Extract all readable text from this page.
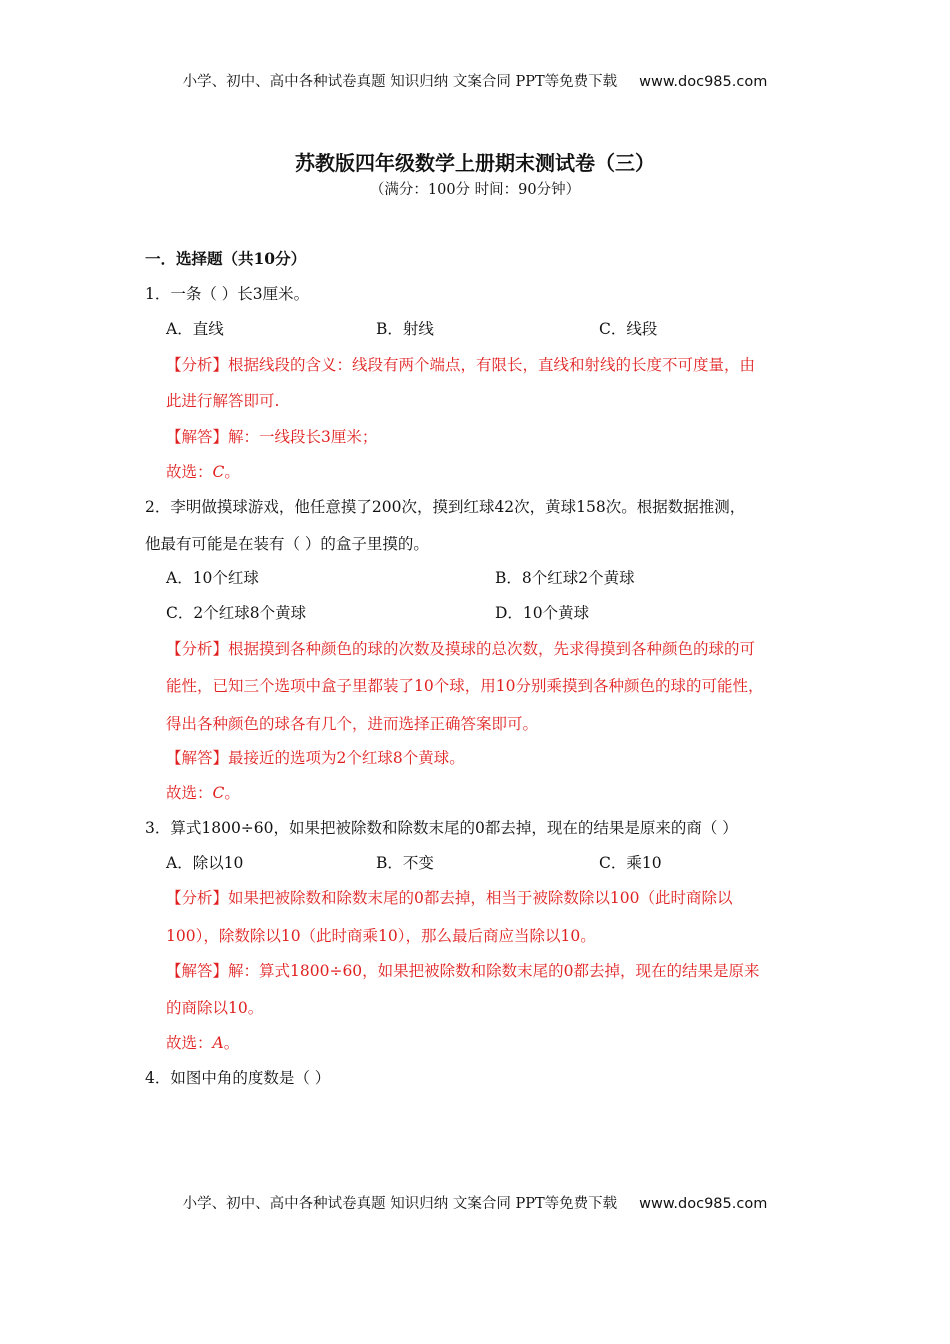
小学、初中、高中各种试卷真题 知识归纳 文案合同 PPT等免费下载 www.doc985.com
苏教版四年级数学上册期末测试卷（三）
（满分：100分 时间：90分钟）
一．选择题（共10分）
1．一条（ ）长3厘米。
A．直线	B．射线	C．线段
【分析】根据线段的含义：线段有两个端点，有限长，直线和射线的长度不可度量，由
此进行解答即可.
【解答】解：一线段长3厘米；
故选：C。
2．李明做摸球游戏，他任意摸了200次，摸到红球42次，黄球158次。根据数据推测，
他最有可能是在装有（ ）的盒子里摸的。
A．10个红球	B．8个红球2个黄球
C．2个红球8个黄球	D．10个黄球
【分析】根据摸到各种颜色的球的次数及摸球的总次数，先求得摸到各种颜色的球的可
能性，已知三个选项中盒子里都装了10个球，用10分别乘摸到各种颜色的球的可能性，
得出各种颜色的球各有几个，进而选择正确答案即可。
【解答】最接近的选项为2个红球8个黄球。
故选：C。
3．算式1800÷60，如果把被除数和除数末尾的0都去掉，现在的结果是原来的商（ ）
A．除以10	B．不变	C．乘10
【分析】如果把被除数和除数末尾的0都去掉，相当于被除数除以100（此时商除以
100），除数除以10（此时商乘10），那么最后商应当除以10。
【解答】解：算式1800÷60，如果把被除数和除数末尾的0都去掉，现在的结果是原来
的商除以10。
故选：A。
4．如图中角的度数是（ ）
小学、初中、高中各种试卷真题 知识归纳 文案合同 PPT等免费下载 www.doc985.com
